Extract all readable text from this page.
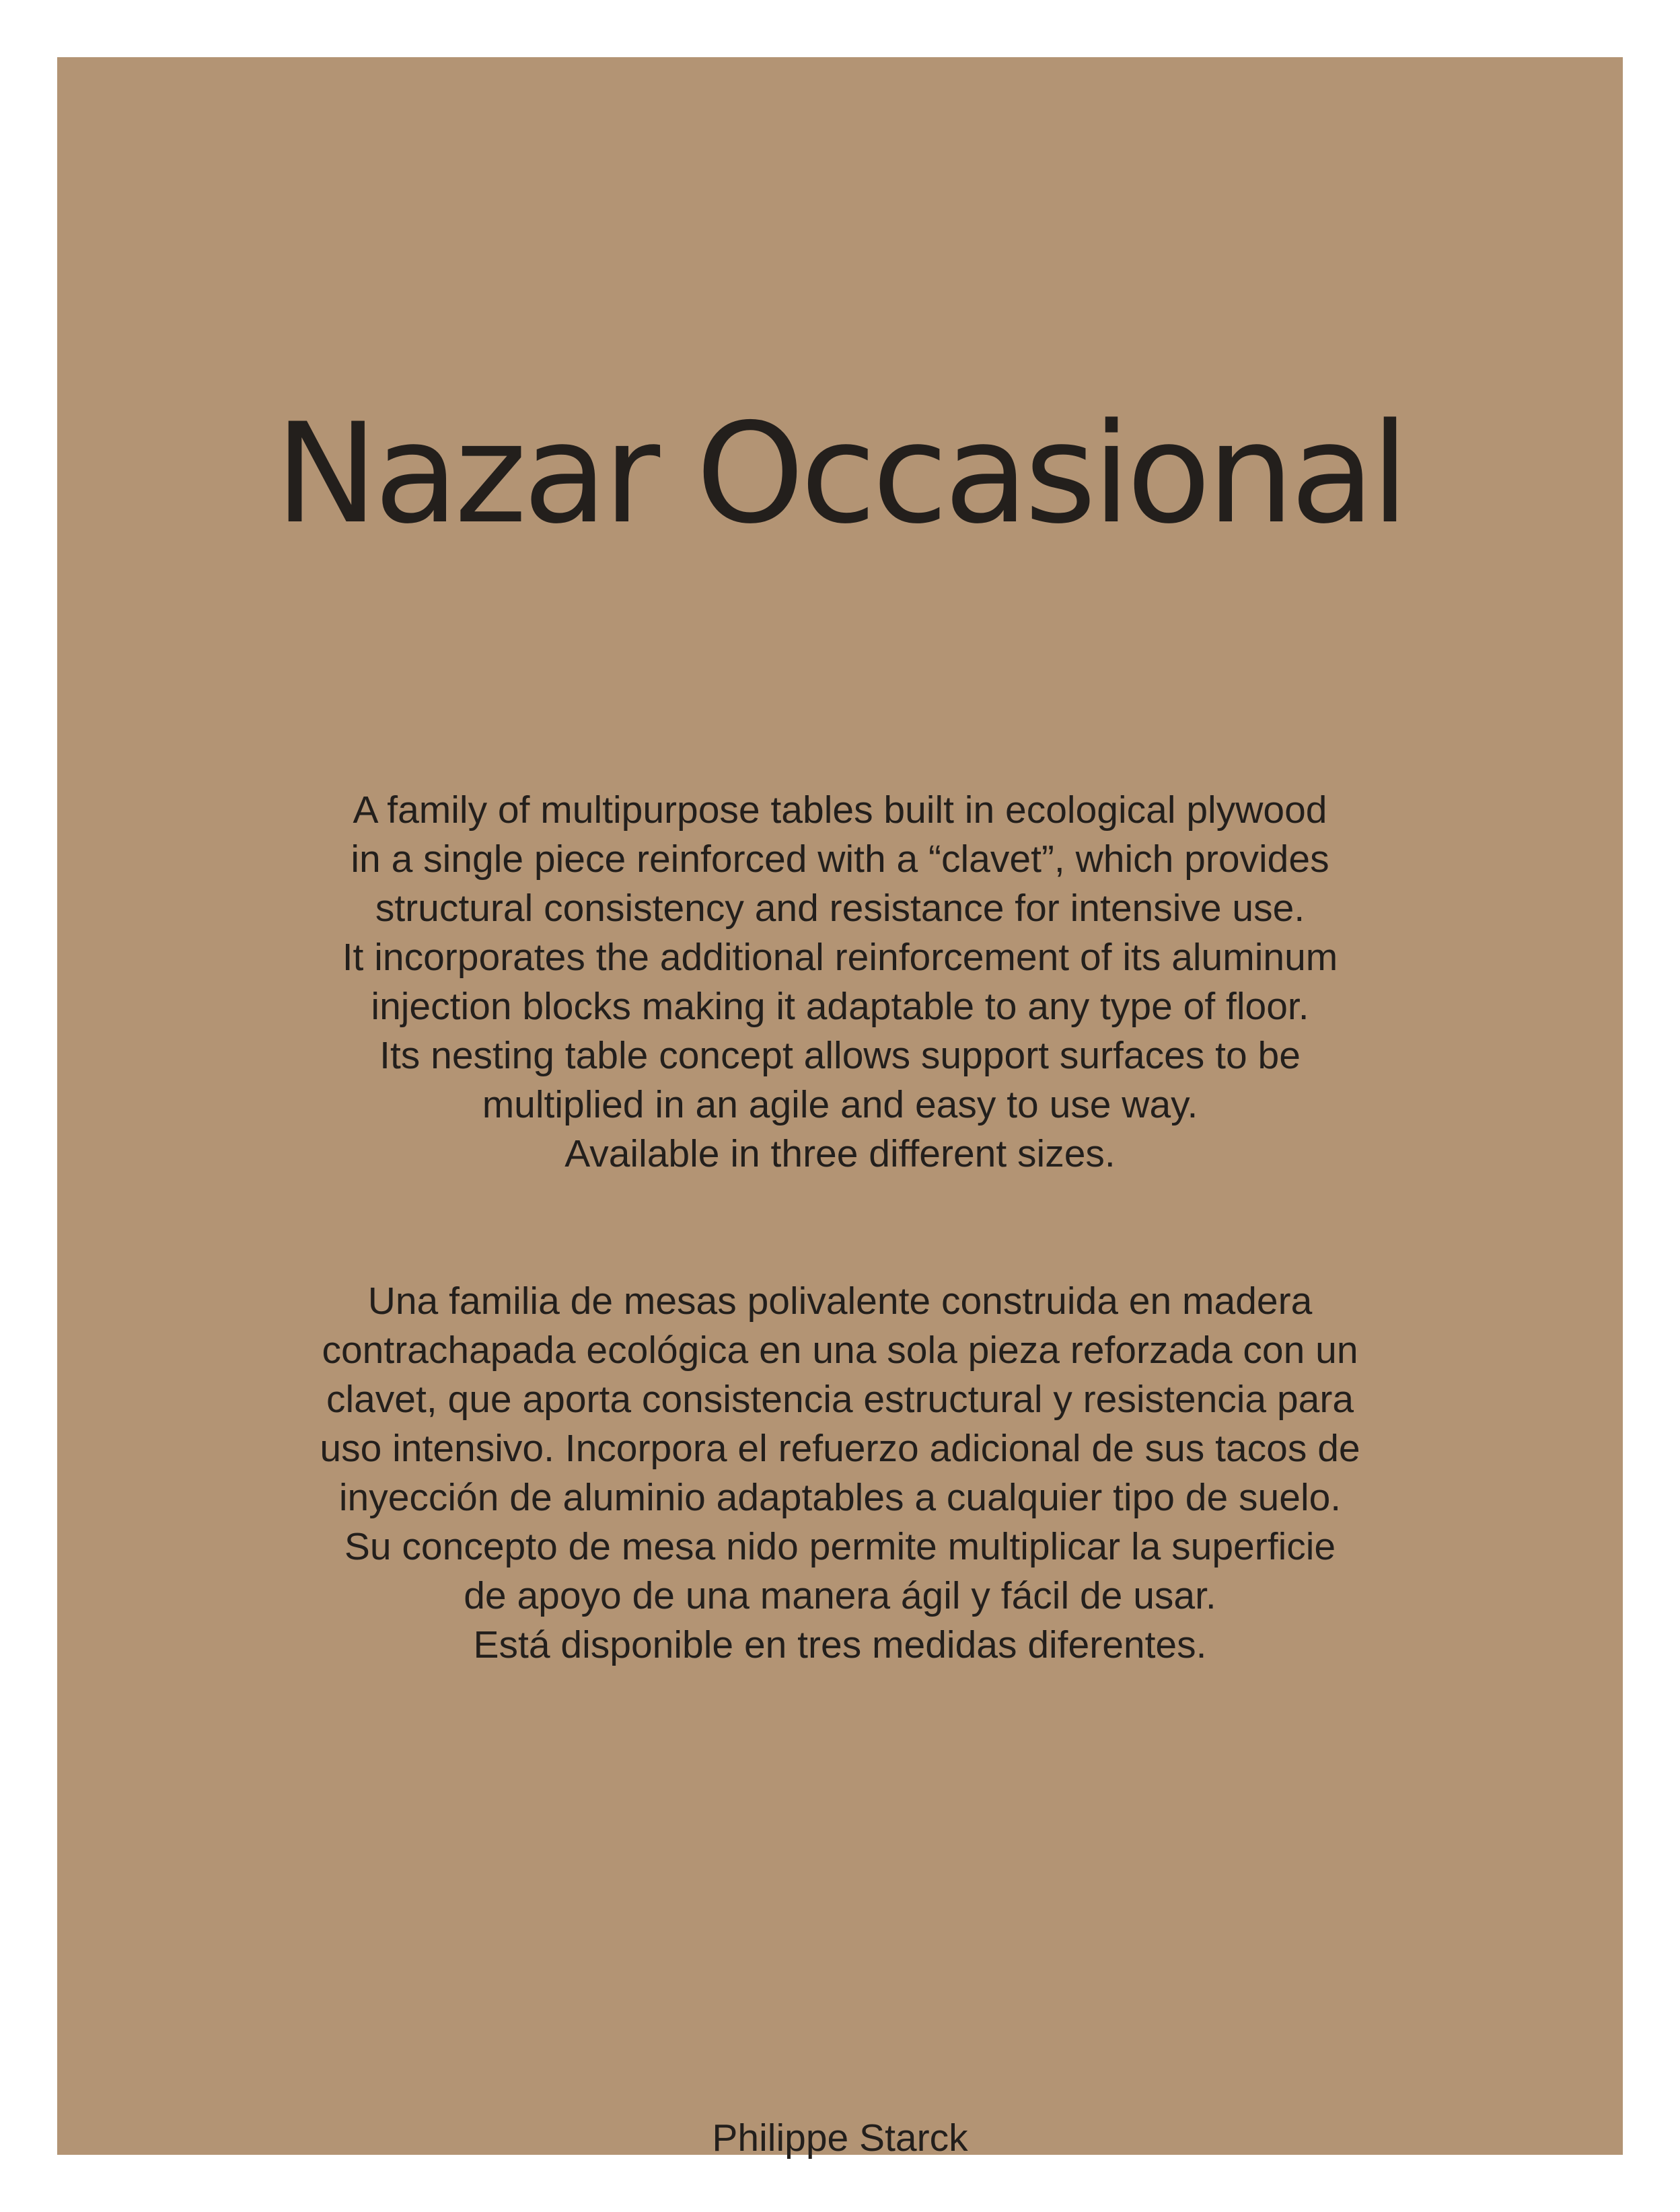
Nazar Occasional

A family of multipurpose tables built in ecological plywood
in a single piece reinforced with a “clavet”, which provides
structural consistency and resistance for intensive use.
It incorporates the additional reinforcement of its aluminum
injection blocks making it adaptable to any type of floor.
Its nesting table concept allows support surfaces to be
multiplied in an agile and easy to use way.
Available in three different sizes.

Una familia de mesas polivalente construida en madera
contrachapada ecológica en una sola pieza reforzada con un
clavet, que aporta consistencia estructural y resistencia para
uso intensivo. Incorpora el refuerzo adicional de sus tacos de
inyección de aluminio adaptables a cualquier tipo de suelo.
Su concepto de mesa nido permite multiplicar la superficie
de apoyo de una manera ágil y fácil de usar.
Está disponible en tres medidas diferentes.

Philippe Starck
